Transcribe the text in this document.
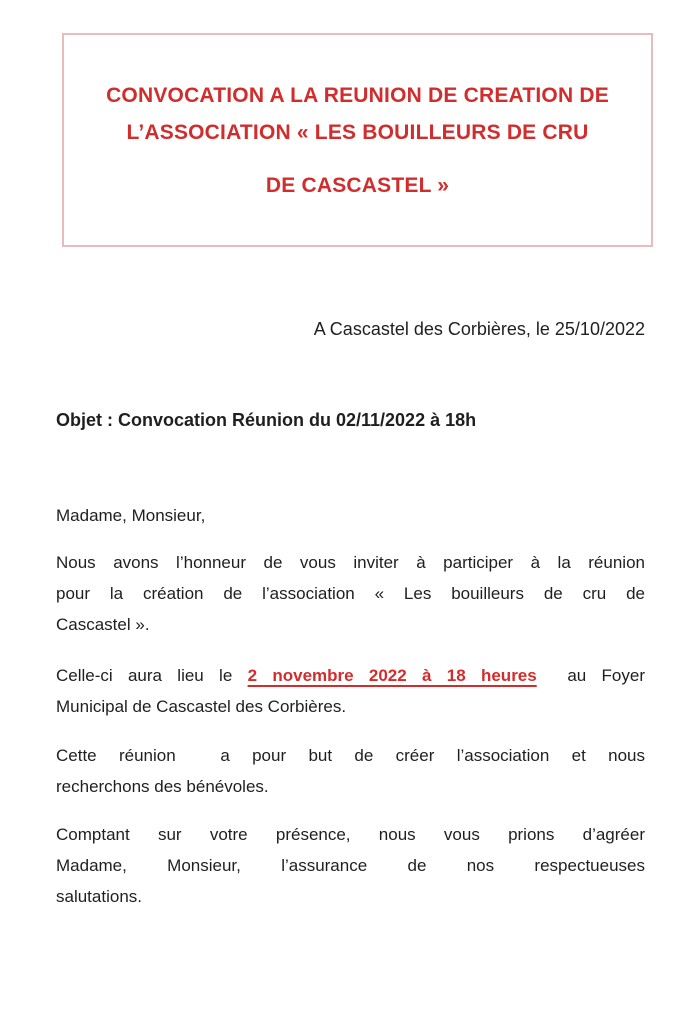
CONVOCATION A LA REUNION DE CREATION DE
L’ASSOCIATION « LES BOUILLEURS DE CRU
DE CASCASTEL »
A Cascastel des Corbières, le 25/10/2022
Objet : Convocation Réunion du 02/11/2022 à 18h
Madame, Monsieur,
Nous avons l’honneur de vous inviter à participer à la réunion
pour la création de l’association « Les bouilleurs de cru de
Cascastel ».
Celle-ci aura lieu le 2 novembre 2022 à 18 heures  au Foyer
Municipal de Cascastel des Corbières.
Cette réunion  a pour but de créer l’association et nous
recherchons des bénévoles.
Comptant sur votre présence, nous vous prions d’agréer
Madame, Monsieur, l’assurance de nos respectueuses
salutations.
